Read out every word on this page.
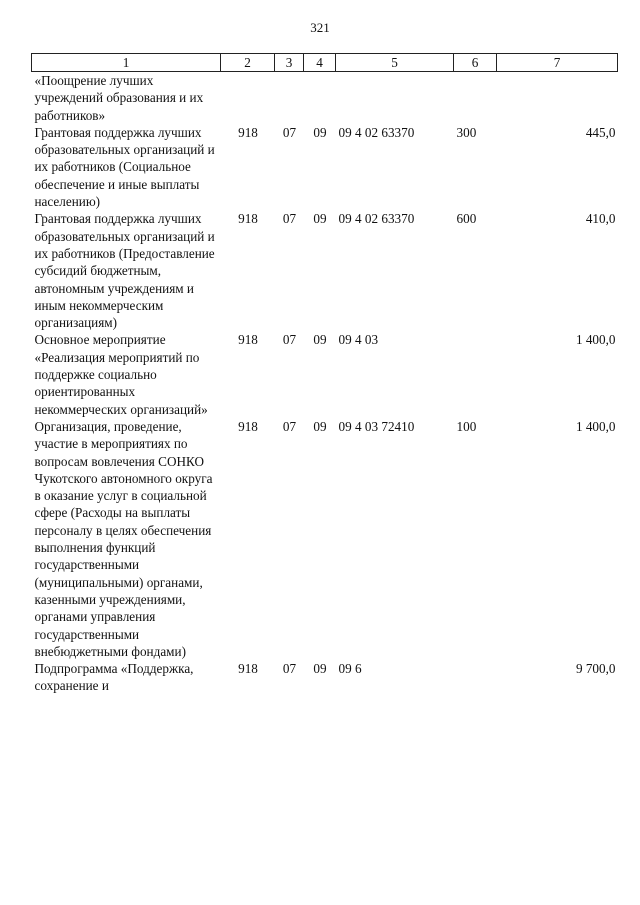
321
1	2	3	4	5	6	7
«Поощрение лучших учреждений образования и их работников»						
Грантовая поддержка лучших образовательных организаций и их работников (Социальное обеспечение и иные выплаты населению)	918	07	09	09 4 02 63370	300	445,0
Грантовая поддержка лучших образовательных организаций и их работников (Предоставление субсидий бюджетным, автономным учреждениям и иным некоммерческим организациям)	918	07	09	09 4 02 63370	600	410,0
Основное мероприятие «Реализация мероприятий по поддержке социально ориентированных некоммерческих организаций»	918	07	09	09 4 03		1 400,0
Организация, проведение, участие в мероприятиях по вопросам вовлечения СОНКО Чукотского автономного округа в оказание услуг в социальной сфере (Расходы на выплаты персоналу в целях обеспечения выполнения функций государственными (муниципальными) органами, казенными учреждениями, органами управления государственными внебюджетными фондами)	918	07	09	09 4 03 72410	100	1 400,0
Подпрограмма «Поддержка, сохранение и	918	07	09	09 6		9 700,0
